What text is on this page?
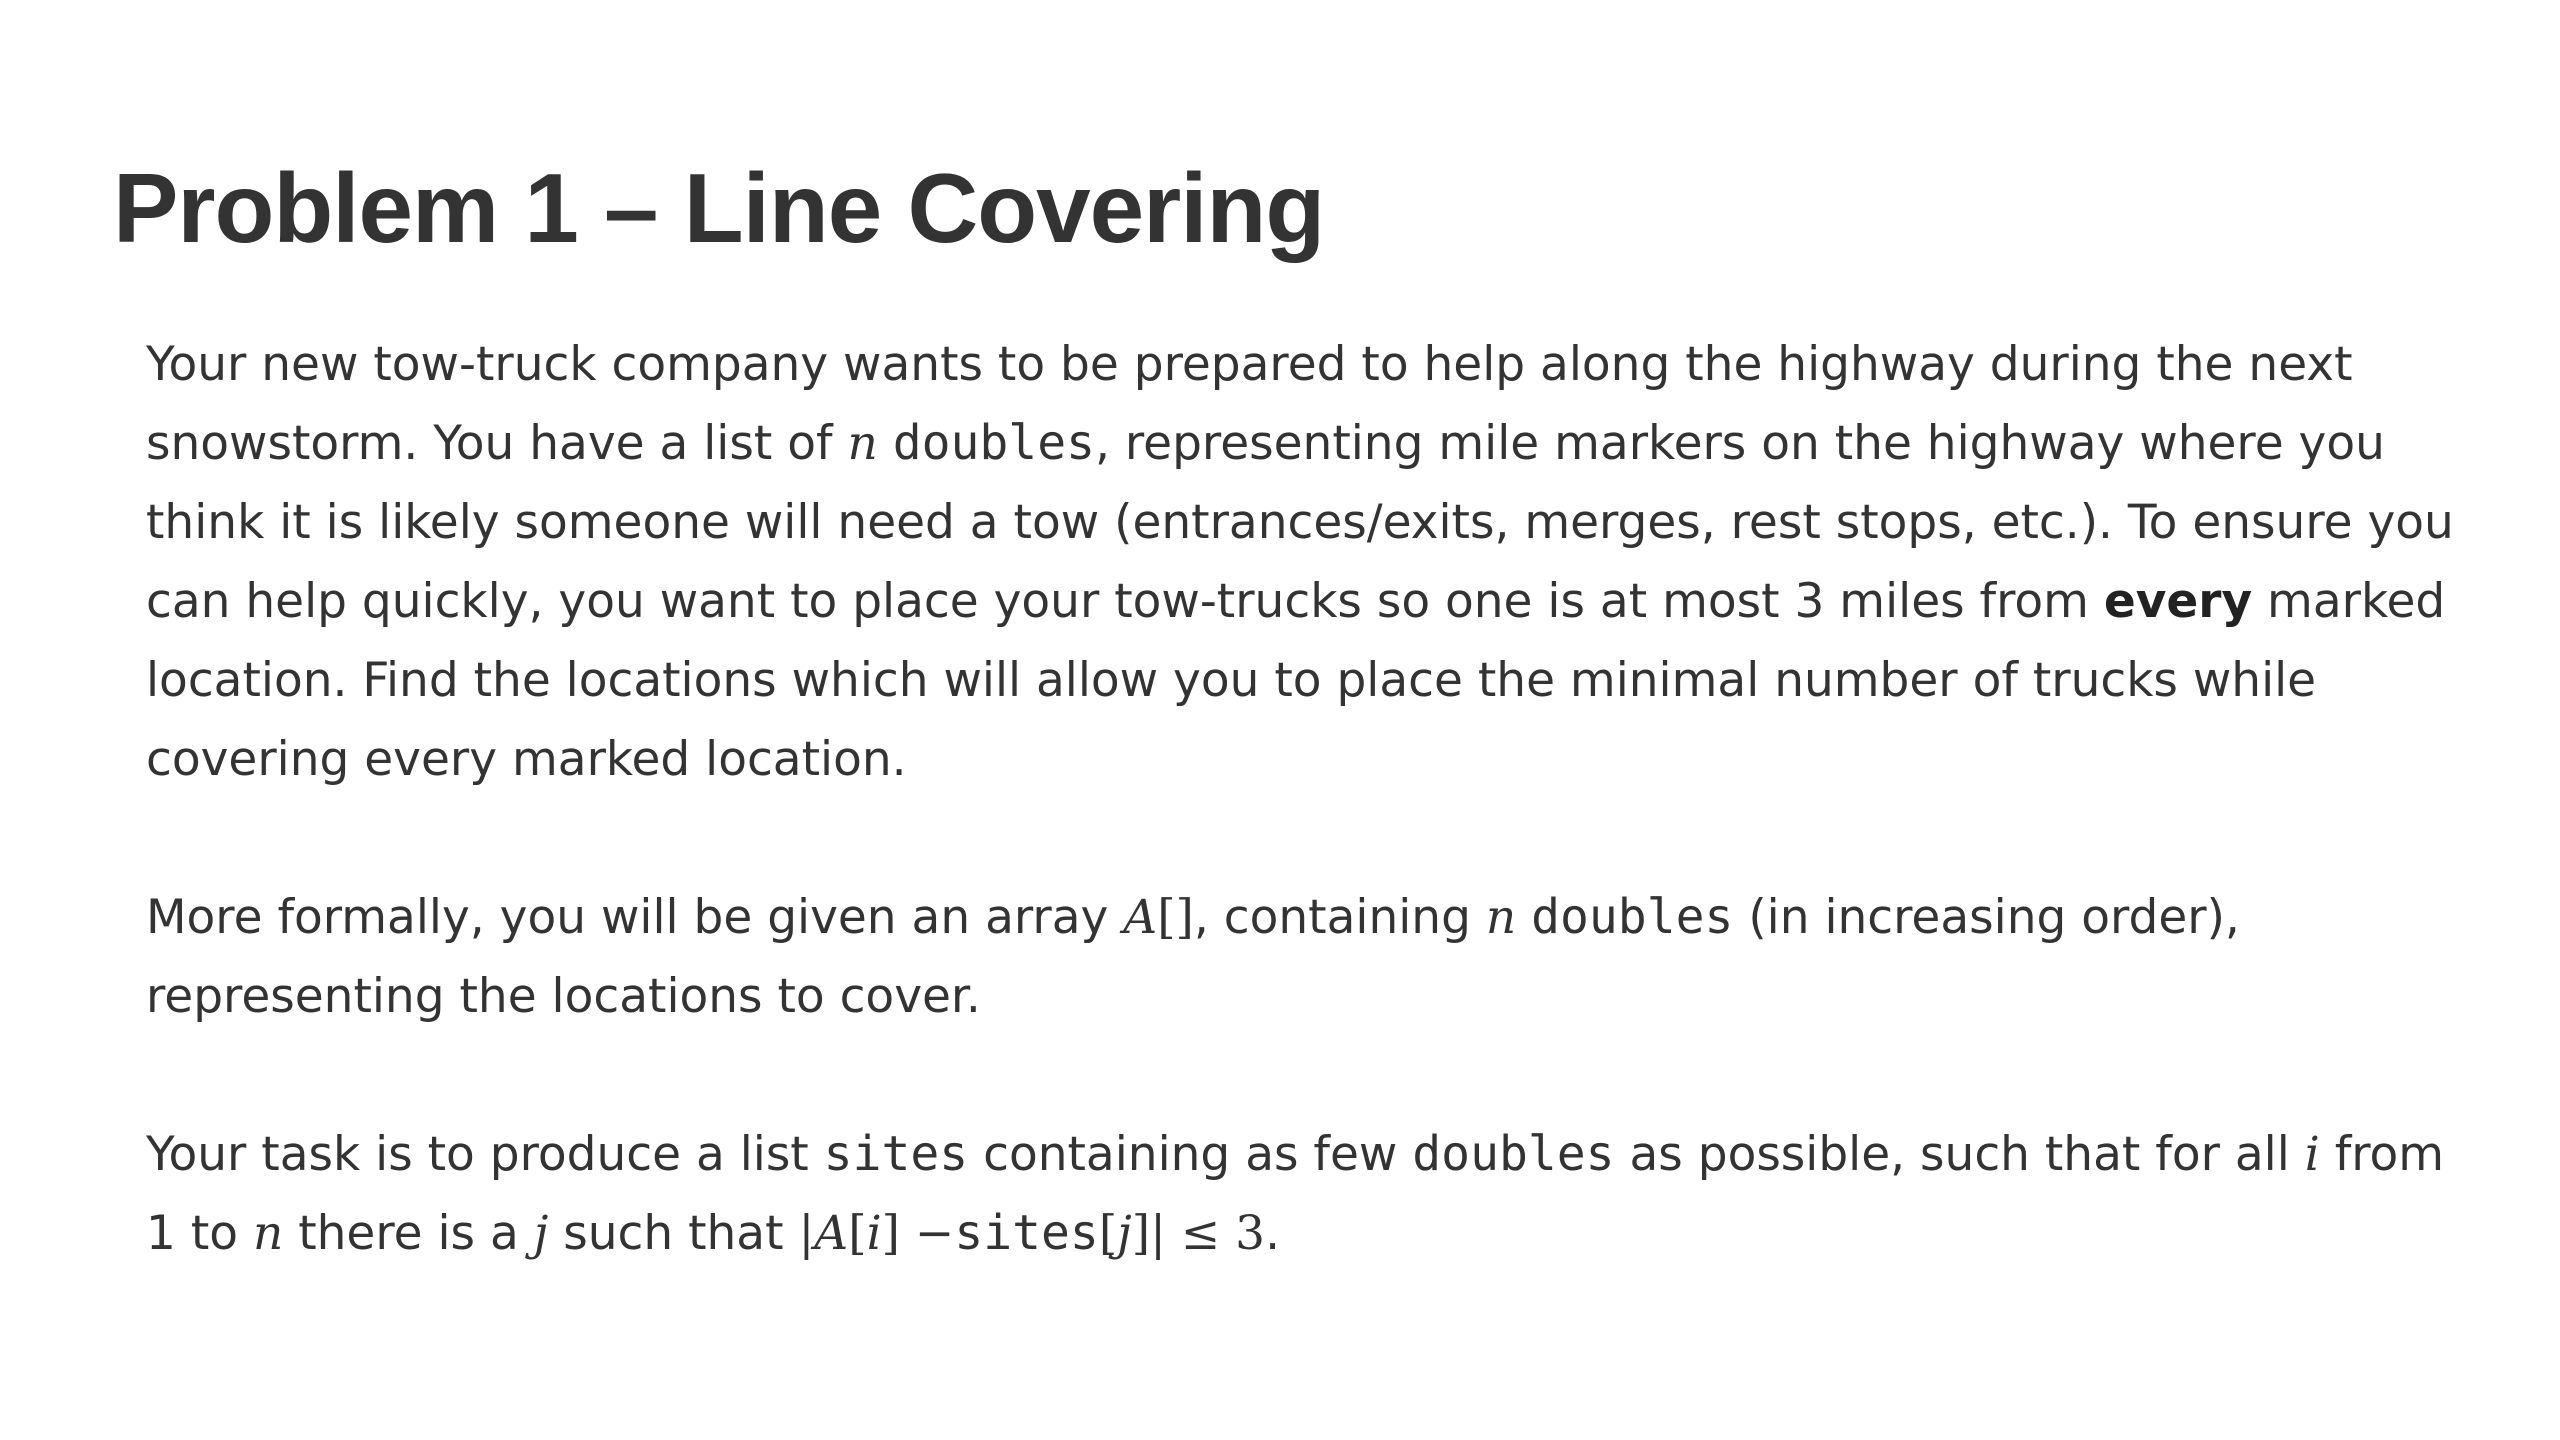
Problem 1 – Line Covering

Your new tow-truck company wants to be prepared to help along the highway during the next snowstorm. You have a list of n doubles, representing mile markers on the highway where you think it is likely someone will need a tow (entrances/exits, merges, rest stops, etc.). To ensure you can help quickly, you want to place your tow-trucks so one is at most 3 miles from every marked location. Find the locations which will allow you to place the minimal number of trucks while covering every marked location.

More formally, you will be given an array A[], containing n doubles (in increasing order), representing the locations to cover.

Your task is to produce a list sites containing as few doubles as possible, such that for all i from 1 to n there is a j such that |A[i] −sites[j]| ≤ 3.
